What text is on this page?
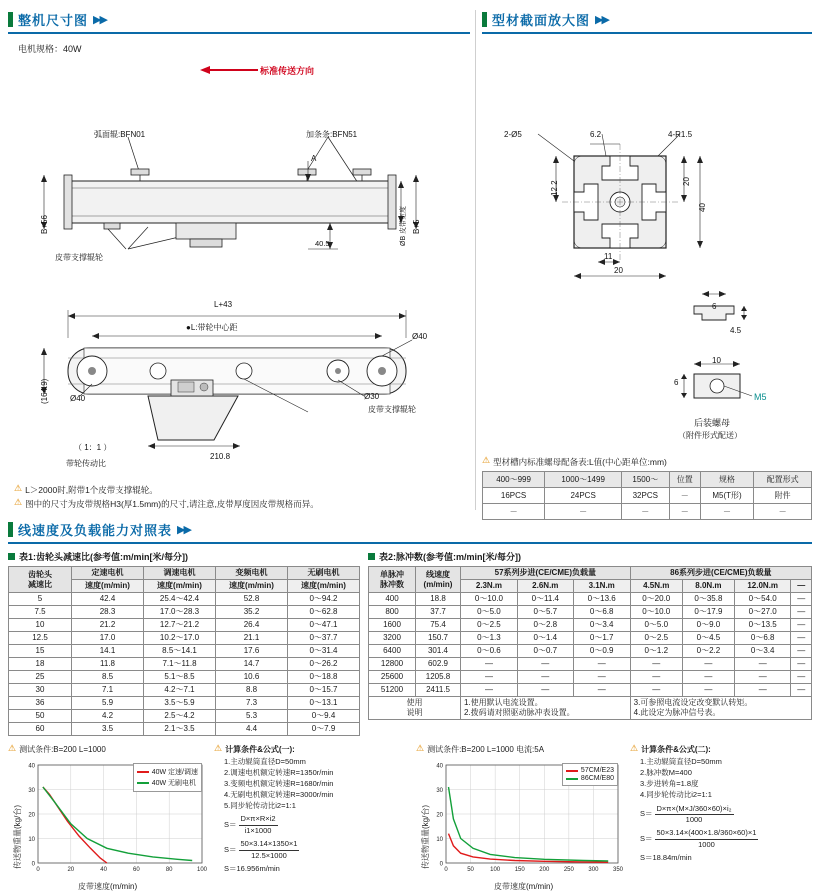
整机尺寸图 ▶▶
电机规格：40W
标准传送方向
弧面辊:BFN01	加条条:BFN51
皮带支撑辊轮
B+56	B+5
ØB 皮带宽度
40.5
A
L+43
●L:带轮中心距
Ø40
Ø30
Ø40
(164.9)
210.8
（ 1：1 ）
带轮传动比
皮带支撑辊轮
⚠ L＞2000时,附带1个皮带支撑辊轮。
⚠ 图中的尺寸为皮带规格H3(厚1.5mm)的尺寸,请注意,皮带厚度因皮带规格而异。
型材截面放大图 ▶▶
2-Ø5	6.2	4-R1.5
12.2	20
40
11
20
6
4.5
10
6
M5
后装螺母
（附件形式配送）
⚠ 型材槽内标准螺母配备表:L值(中心距单位:mm)
400～999	1000～1499	1500～	位置	规格	配置形式
16PCS	24PCS	32PCS	－	M5(T形)	附件
－	－	－	－	－	－
线速度及负载能力对照表 ▶▶
表1:齿轮头减速比(参考值:m/min[米/每分])
齿轮头
减速比	定速电机	调速电机	变频电机	无刷电机
	速度(m/min)	速度(m/min)	速度(m/min)	速度(m/min)
5	42.4	25.4～42.4	52.8	0～94.2
7.5	28.3	17.0～28.3	35.2	0～62.8
10	21.2	12.7～21.2	26.4	0～47.1
12.5	17.0	10.2～17.0	21.1	0～37.7
15	14.1	8.5～14.1	17.6	0～31.4
18	11.8	7.1～11.8	14.7	0～26.2
25	8.5	5.1～8.5	10.6	0～18.8
30	7.1	4.2～7.1	8.8	0～15.7
36	5.9	3.5～5.9	7.3	0～13.1
50	4.2	2.5～4.2	5.3	0～9.4
60	3.5	2.1～3.5	4.4	0～7.9
表2:脉冲数(参考值:m/min[米/每分])
单脉冲
脉冲数	线速度
(m/min)	57系列步进(CE/CME)负载量			86系列步进(CE/CME)负载量			
		2.3N.m	2.6N.m	3.1N.m	4.5N.m	8.0N.m	12.0N.m	—
400	18.8	0～10.0	0～11.4	0～13.6	0～20.0	0～35.8	0～54.0	—
800	37.7	0～5.0	0～5.7	0～6.8	0～10.0	0～17.9	0～27.0	—
1600	75.4	0～2.5	0～2.8	0～3.4	0～5.0	0～9.0	0～13.5	—
3200	150.7	0～1.3	0～1.4	0～1.7	0～2.5	0～4.5	0～6.8	—
6400	301.4	0～0.6	0～0.7	0～0.9	0～1.2	0～2.2	0～3.4	—
12800	602.9	—	—	—	—	—	—	—
25600	1205.8	—	—	—	—	—	—	—
51200	2411.5	—	—	—	—	—	—	—
使用
说明	
1.使用默认电流设置。
2.拨码请对照驱动脉冲表设置。

3.可参照电流设定改变默认转矩。
4.此设定为脉冲信号表。
⚠ 测试条件:B=200 L=1000
0
10
20
30
40
0	20	40	60	80	100
传送物重量(kg/台)
皮带速度(m/min)
40W 定速/调速
40W 无刷电机
⚠ 计算条件&公式(一):
1.主动辊筒直径D=50mm
2.调速电机额定转速R=1350r/min
3.变频电机额定转速R=1680r/min
4.无刷电机额定转速R=3000r/min
5.同步轮传动比i2=1:1
$S= \frac{D\times\pi\times R\times i2}{i1\times 1000}$
$S= \frac{50\times 3.14\times 1350\times 1}{12.5\times 1000}$
S＝16.956m/min
⚠ 测试条件:B=200 L=1000 电流:5A
0
10
20
30
40
0	50	100 150 200 250 300 350
传送物重量(kg/台)
皮带速度(m/min)
57CM/E23
86CM/E80
⚠ 计算条件&公式(二):
1.主动辊筒直径D=50mm
2.脉冲数M=400
3.步进转角=1.8度
4.同步轮传动比i2=1:1
$S= \frac{\text{D×π×(M×J/360×60)×i₂}}{1000}$
$S= \frac{50\times 3.14\times(400\times 1.8/360\times 60)\times 1}{1000}$
S＝18.84m/min
